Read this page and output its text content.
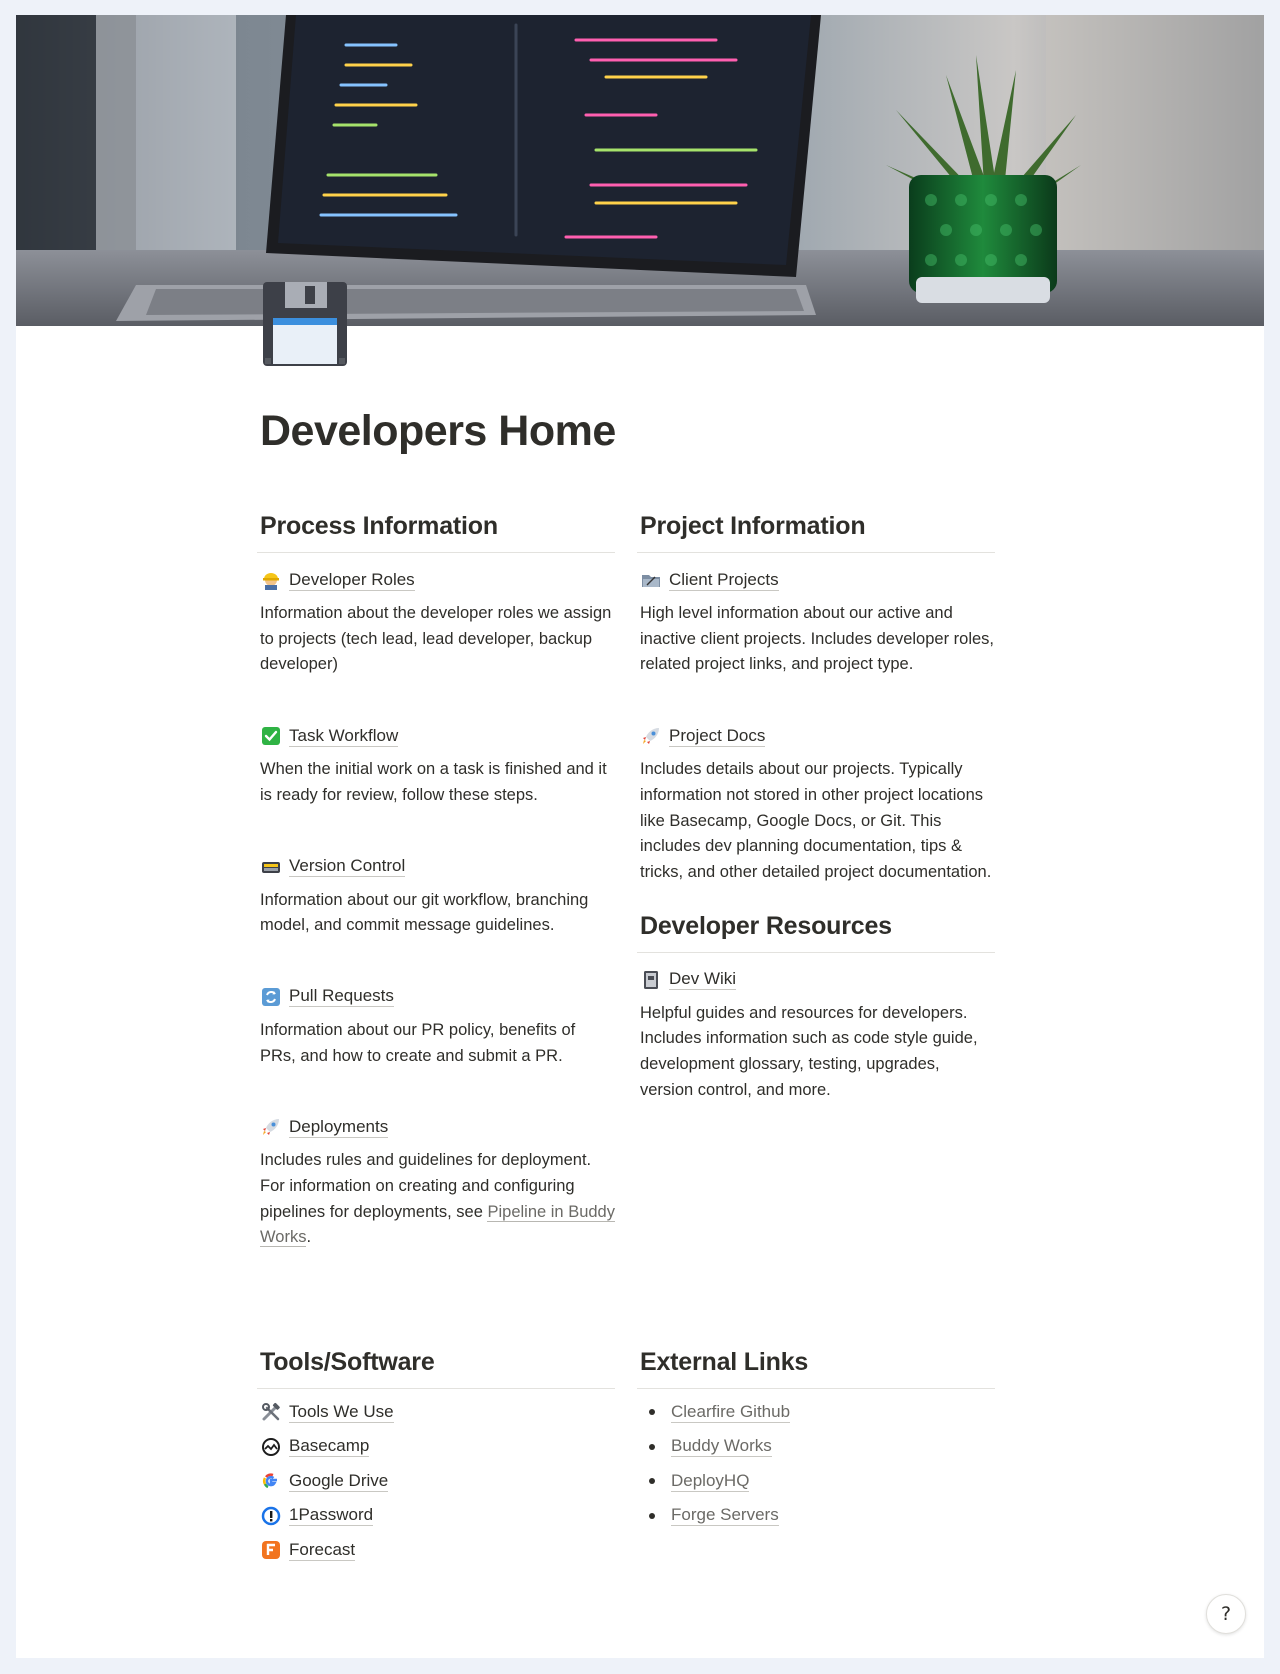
Developers Home
Process Information
Developer Roles
Information about the developer roles we assign to projects (tech lead, lead developer, backup developer)
Task Workflow
When the initial work on a task is finished and it is ready for review, follow these steps.
Version Control
Information about our git workflow, branching model, and commit message guidelines.
Pull Requests
Information about our PR policy, benefits of PRs, and how to create and submit a PR.
Deployments
Includes rules and guidelines for deployment. For information on creating and configuring pipelines for deployments, see Pipeline in Buddy Works.
Project Information
Client Projects
High level information about our active and inactive client projects. Includes developer roles, related project links, and project type.
Project Docs
Includes details about our projects. Typically information not stored in other project locations like Basecamp, Google Docs, or Git. This includes dev planning documentation, tips & tricks, and other detailed project documentation.
Developer Resources
Dev Wiki
Helpful guides and resources for developers. Includes information such as code style guide, development glossary, testing, upgrades, version control, and more.
Tools/Software
Tools We Use
Basecamp
Google Drive
1Password
Forecast
External Links
Clearfire Github
Buddy Works
DeployHQ
Forge Servers
?
